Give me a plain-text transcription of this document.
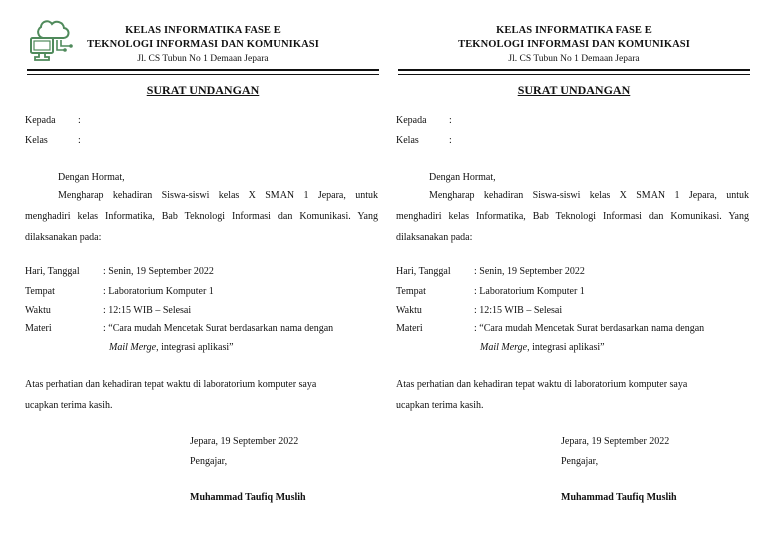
KELAS INFORMATIKA FASE E
TEKNOLOGI INFORMASI DAN KOMUNIKASI
Jl. CS Tubun No 1 Demaan Jepara
SURAT UNDANGAN
Kepada :
Kelas	:
Dengan Hormat,
Mengharap kehadiran Siswa-siswi kelas X SMAN 1 Jepara, untuk
menghadiri kelas Informatika, Bab Teknologi Informasi dan Komunikasi. Yang
dilaksanakan pada:
Hari, Tanggal : Senin, 19 September 2022
Tempat	: Laboratorium Komputer 1
Waktu	: 12:15 WIB – Selesai
Materi	: “Cara mudah Mencetak Surat berdasarkan nama dengan
Mail Merge, integrasi aplikasi”
Atas perhatian dan kehadiran tepat waktu di laboratorium komputer saya
ucapkan terima kasih.
Jepara, 19 September 2022
Pengajar,
Muhammad Taufiq Muslih
KELAS INFORMATIKA FASE E
TEKNOLOGI INFORMASI DAN KOMUNIKASI
Jl. CS Tubun No 1 Demaan Jepara
SURAT UNDANGAN
Kepada :
Kelas	:
Dengan Hormat,
Mengharap kehadiran Siswa-siswi kelas X SMAN 1 Jepara, untuk
menghadiri kelas Informatika, Bab Teknologi Informasi dan Komunikasi. Yang
dilaksanakan pada:
Hari, Tanggal : Senin, 19 September 2022
Tempat	: Laboratorium Komputer 1
Waktu	: 12:15 WIB – Selesai
Materi	: “Cara mudah Mencetak Surat berdasarkan nama dengan
Mail Merge, integrasi aplikasi”
Atas perhatian dan kehadiran tepat waktu di laboratorium komputer saya
ucapkan terima kasih.
Jepara, 19 September 2022
Pengajar,
Muhammad Taufiq Muslih
